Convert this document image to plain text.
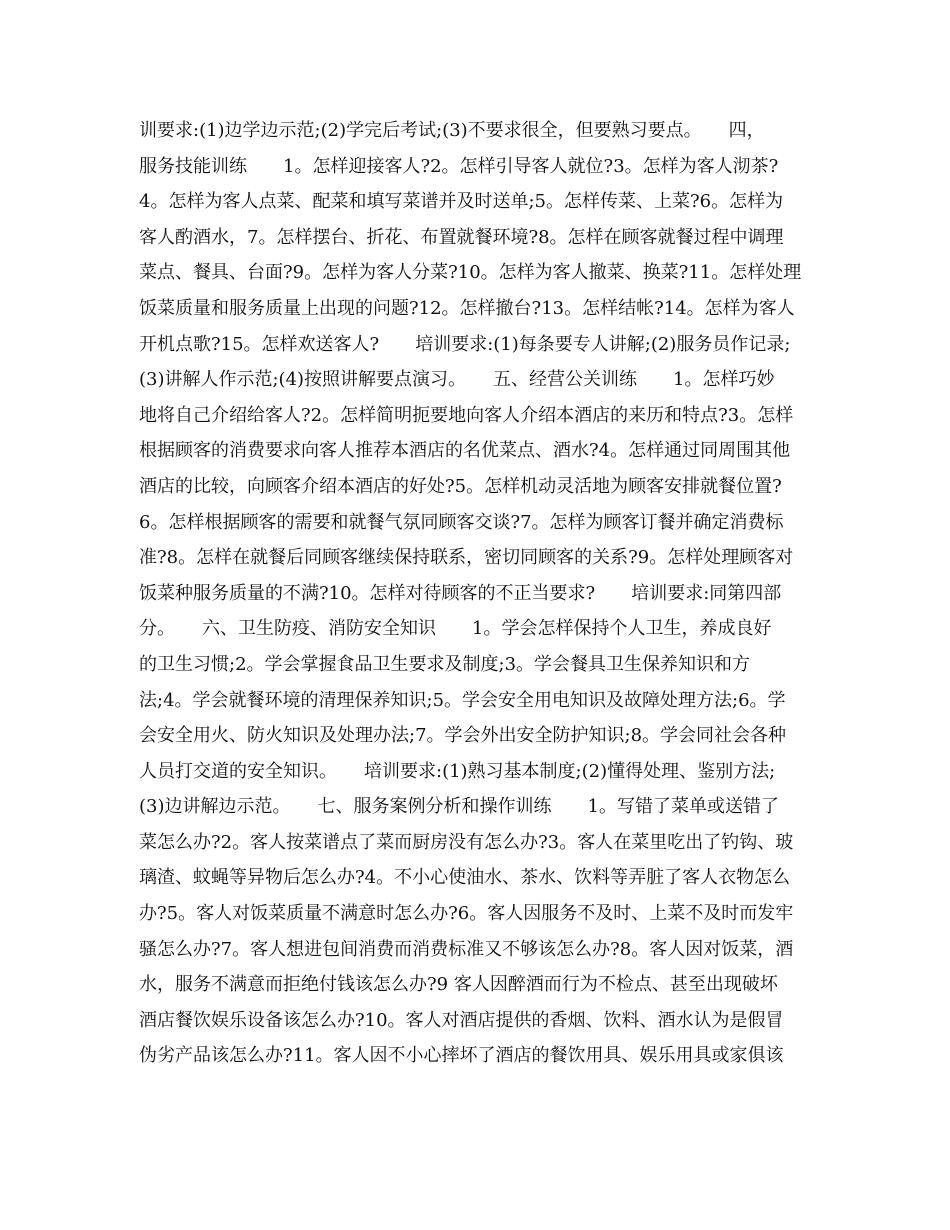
训要求:(1)边学边示范;(2)学完后考试;(3)不要求很全，但要熟习要点。　　四，
服务技能训练　　1。怎样迎接客人?2。怎样引导客人就位?3。怎样为客人沏茶?
4。怎样为客人点菜、配菜和填写菜谱并及时送单;5。怎样传菜、上菜?6。怎样为
客人酌酒水，7。怎样摆台、折花、布置就餐环境?8。怎样在顾客就餐过程中调理
菜点、餐具、台面?9。怎样为客人分菜?10。怎样为客人撤菜、换菜?11。怎样处理
饭菜质量和服务质量上出现的问题?12。怎样撤台?13。怎样结帐?14。怎样为客人
开机点歌?15。怎样欢送客人?　　培训要求:(1)每条要专人讲解;(2)服务员作记录;
(3)讲解人作示范;(4)按照讲解要点演习。　　五、经营公关训练　　1。怎样巧妙
地将自己介绍给客人?2。怎样简明扼要地向客人介绍本酒店的来历和特点?3。怎样
根据顾客的消费要求向客人推荐本酒店的名优菜点、酒水?4。怎样通过同周围其他
酒店的比较，向顾客介绍本酒店的好处?5。怎样机动灵活地为顾客安排就餐位置?
6。怎样根据顾客的需要和就餐气氛同顾客交谈?7。怎样为顾客订餐并确定消费标
准?8。怎样在就餐后同顾客继续保持联系，密切同顾客的关系?9。怎样处理顾客对
饭菜种服务质量的不满?10。怎样对待顾客的不正当要求?　　培训要求:同第四部
分。　　六、卫生防疫、消防安全知识　　1。学会怎样保持个人卫生，养成良好
的卫生习惯;2。学会掌握食品卫生要求及制度;3。学会餐具卫生保养知识和方
法;4。学会就餐环境的清理保养知识;5。学会安全用电知识及故障处理方法;6。学
会安全用火、防火知识及处理办法;7。学会外出安全防护知识;8。学会同社会各种
人员打交道的安全知识。　　培训要求:(1)熟习基本制度;(2)懂得处理、鉴别方法;
(3)边讲解边示范。　　七、服务案例分析和操作训练　　1。写错了菜单或送错了
菜怎么办?2。客人按菜谱点了菜而厨房没有怎么办?3。客人在菜里吃出了钓钩、玻
璃渣、蚊蝇等异物后怎么办?4。不小心使油水、茶水、饮料等弄脏了客人衣物怎么
办?5。客人对饭菜质量不满意时怎么办?6。客人因服务不及时、上菜不及时而发牢
骚怎么办?7。客人想进包间消费而消费标准又不够该怎么办?8。客人因对饭菜，酒
水，服务不满意而拒绝付钱该怎么办?9 客人因醉酒而行为不检点、甚至出现破坏
酒店餐饮娱乐设备该怎么办?10。客人对酒店提供的香烟、饮料、酒水认为是假冒
伪劣产品该怎么办?11。客人因不小心摔坏了酒店的餐饮用具、娱乐用具或家俱该
